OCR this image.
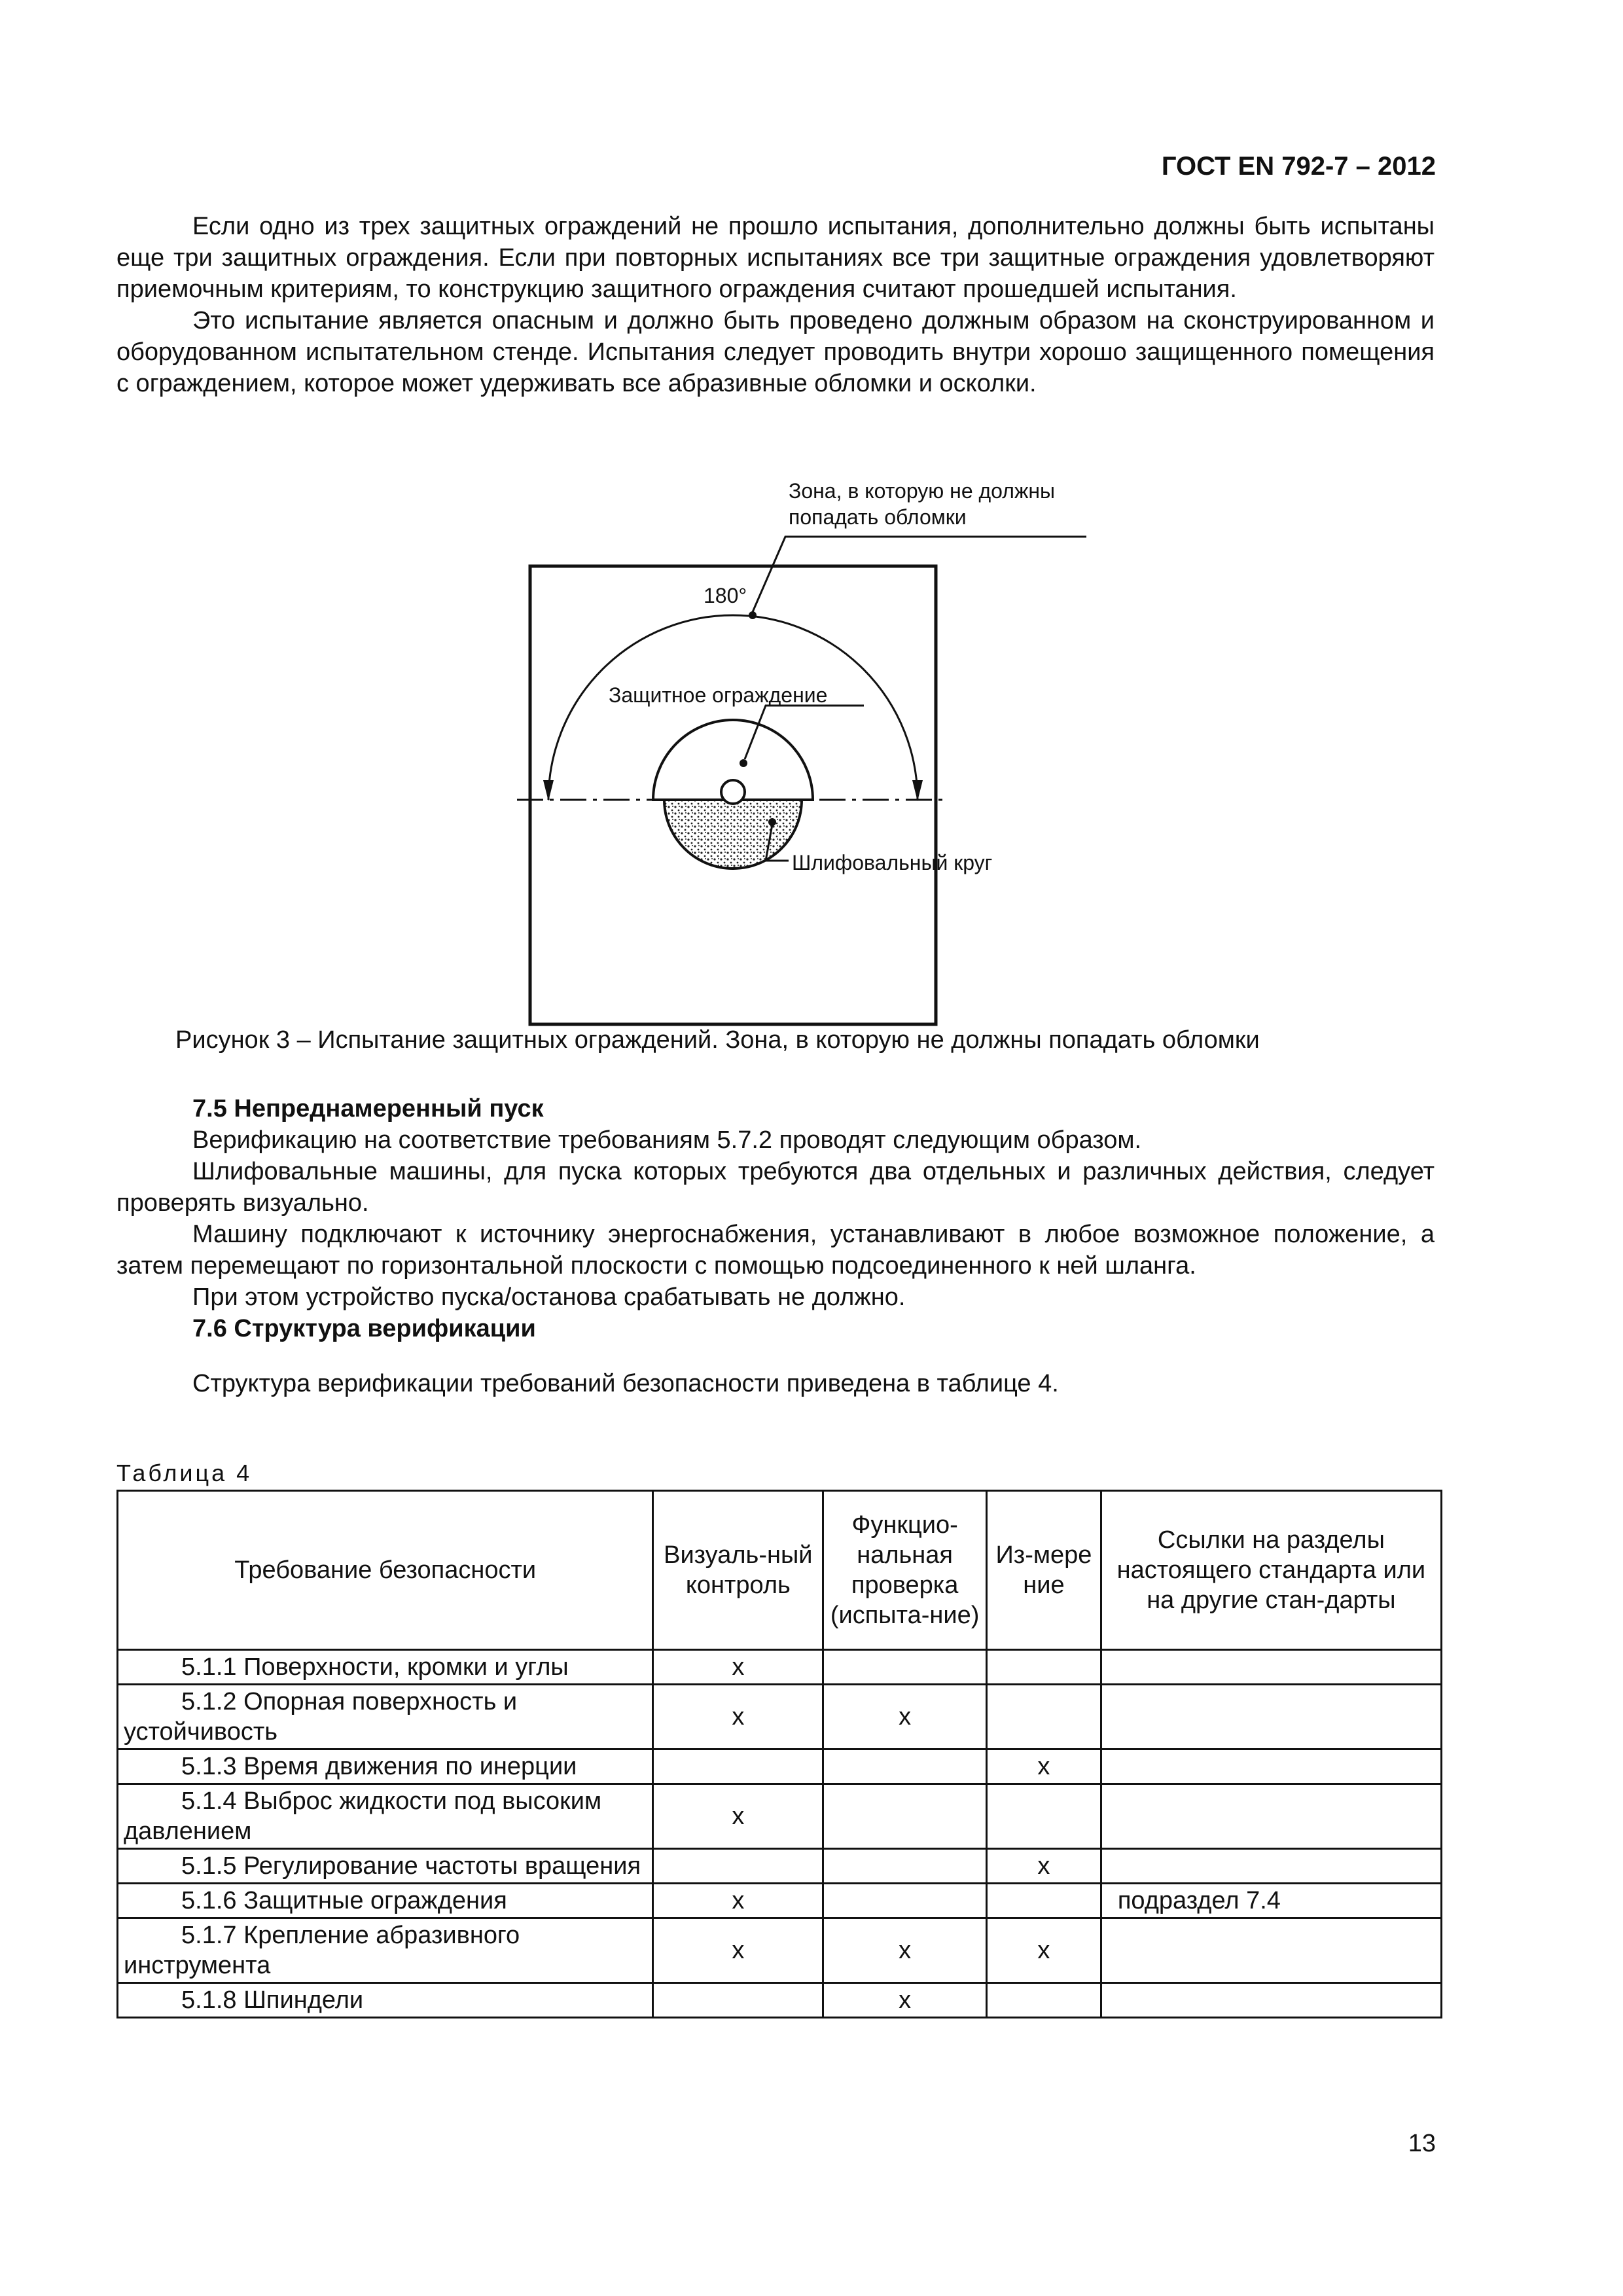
ГОСТ EN 792-7 – 2012

Если одно из трех защитных ограждений не прошло испытания, дополнительно должны быть испытаны еще три защитных ограждения. Если при повторных испытаниях все три защитные ограждения удовлетворяют приемочным критериям, то конструкцию защитного ограждения считают прошедшей испытания.

Это испытание является опасным и должно быть проведено должным образом на сконструированном и оборудованном испытательном стенде. Испытания следует проводить внутри хорошо защищенного помещения с ограждением, которое может удерживать все абразивные обломки и осколки.

Зона, в которую не должны
попадать обломки
180°
Защитное ограждение
Шлифовальный круг
Рисунок 3 – Испытание защитных ограждений. Зона, в которую не должны попадать обломки

7.5 Непреднамеренный пуск

Верификацию на соответствие требованиям 5.7.2 проводят следующим образом.

Шлифовальные машины, для пуска которых требуются два отдельных и различных действия, следует проверять визуально.

Машину подключают к источнику энергоснабжения, устанавливают в любое возможное положение, а затем перемещают по горизонтальной плоскости с помощью подсоединенного к ней шланга.

При этом устройство пуска/останова срабатывать не должно.

7.6 Структура верификации

Структура верификации требований безопасности приведена в таблице 4.

Таблица 4
Требование безопасности	Визуаль-ный контроль	Функцио-нальная проверка (испыта-ние)	Из-мере ние	Ссылки на разделы настоящего стандарта или на другие стан-дарты
5.1.1 Поверхности, кромки и углы	x			
5.1.2 Опорная поверхность и устойчивость	x	x		
5.1.3 Время движения по инерции			x	
5.1.4 Выброс жидкости под высоким давлением	x			
5.1.5 Регулирование частоты вращения			x	
5.1.6 Защитные ограждения	x			подраздел 7.4
5.1.7 Крепление абразивного инструмента	x	x	x	
5.1.8 Шпиндели		x		
13
